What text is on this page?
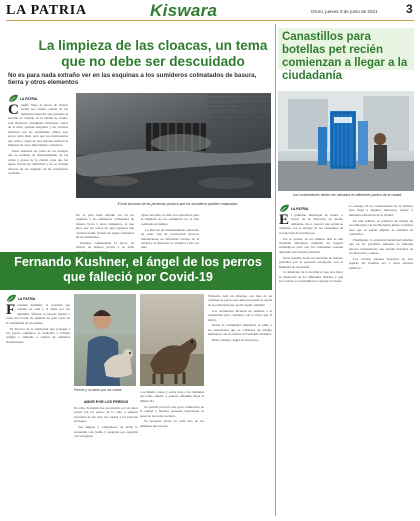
LA PATRIA	Kiswara	Oruro, jueves 3 de junio de 2021 3
La limpieza de las cloacas, un tema que no debe ser descuidado
No es para nada extraño ver en las esquinas a los sumideros colmatados de basura, tierra y otros elementos
LA PATRIA
C uando llega la época de lluvias recién nos damos cuenta de las múltiples falencias que presenta el sistema de drenaje en la ciudad de Oruro, está mostrado claramente diferentes zonas de la urbe, quedan anegadas y los vecinos molestos con las autoridades ediles, esta época sería ideal para que los funcionarios que están a cargo de este sistema realicen la limpieza de estos importantes conductos.

Estos deberían ser parte de los trabajos que se realizan de mantenimiento de las calles y plazas de la ciudad, para que las aguas corran sin dificultad y no se formen charcos en las esquinas de las principales avenidas.

El mal accionar de las personas provoca que los sumideros queden colapsados

No es para nada extraño ver en las esquinas a los sumideros colmatados de basura, tierra y otros elementos, lo que hace que los restos de agua generen una cavidad donde vierten las aguas residuales de los domicilios.

Estamos comenzando la época de lluvias de manera previa y se debe

aguas servidas, es más, los operativos para la limpieza de los sumideros no se han realizado en tiempo.

La falta de un mantenimiento adecuado de estas vías de evacuación provoca inundaciones en diferentes barrios de la ciudad y la situación se complica cada vez más.

obsoleto sistema de evacuación de aguas, está funcionando todas sus limitaciones y se debe de todo trabajo de limpieza para evitar los daños que provoca el agua.

Lamentablemente, en cada esquina se puede ver que no se le da el trato adecuado a las cloacas que los vecinos arrojan basura.

Se tiene que tomar conciencia de este problema.

Canastillos para botellas pet recién comienzan a llegar a la ciudadanía
Los contenedores deben ser ubicados en diferentes puntos de la ciudad
LA PATRIA
E l gobierno municipal de Oruro, a través de la dirección de medio ambiente, dio a conocer que recién se comenzó con la entrega de los canastillos de recolección de botellas pet.

Por lo pronto, en los últimos días se han instalado diferentes unidades en lugares estratégicos para que los ciudadanos puedan depositar sus botellas plásticas.

Estas botellas serán recolectadas de manera periódica por el personal encargado, con la finalidad de reciclarlas.

La intención de la alcaldía es que esta labor se desarrolle en los diferentes distritos y que los vecinos se acostumbren a separar la basura.

La entrega de los contenedores en su primera fase llegó a algunos mercados, plazas y unidades educativas de la ciudad.

En este sentido, se realizará un trabajo de coordinación con las diferentes juntas vecinales para que se pueda ampliar la cantidad de canastillos.

Finalmente, la autoridad municipal informó que en las próximas semanas se sumarán nuevos contenedores que estarán ubicados en los mercados y plazas.

Los vecinos pueden depositar en este espacio las botellas pet y otros envases plásticos.

Fernando Kushner, el ángel de los perros que falleció por Covid-19
LA PATRIA
F ernando Kushner, el activista que cambió su vida y el amor por los animales, falleció el pasado martes a causa del Covid-19, dejando un gran vacío en la comunidad de rescatistas.

El director de la fundación que protegía a los perros callejeros se dedicaba a brindar refugio y alimento a cientos de animales abandonados.

Fercho y su amor por los canes
AMOR POR LOS PERROS

En vida, Fernando fue reconocido por su labor social con los perros de la calle, a quienes rescataba de las vías, los curaba y les buscaba un hogar.

Sus amigos y compañeros de lucha lo recuerdan con cariño y aseguran que seguirán con su legado.

a su misma causa, y sobre todo a los animales que tanto amaba, a quienes defendió hasta el último día.

Su partida provocó una gran conmoción en la ciudad y muchas personas expresaron su pesar en las redes sociales.

Su recuerdo vivirá en cada uno de los animales que rescató.

Fernando deja un albergue con más de un centenar de perros que ahora necesitan la ayuda de la población para poder seguir adelante.

Los voluntarios hicieron un llamado a la solidaridad para continuar con la labor que él inició.

Desde la comunidad animalista se pidió a las autoridades que se construya un refugio municipal con el nombre de Fernando Kushner.

Hasta siempre, ángel de los perros.
